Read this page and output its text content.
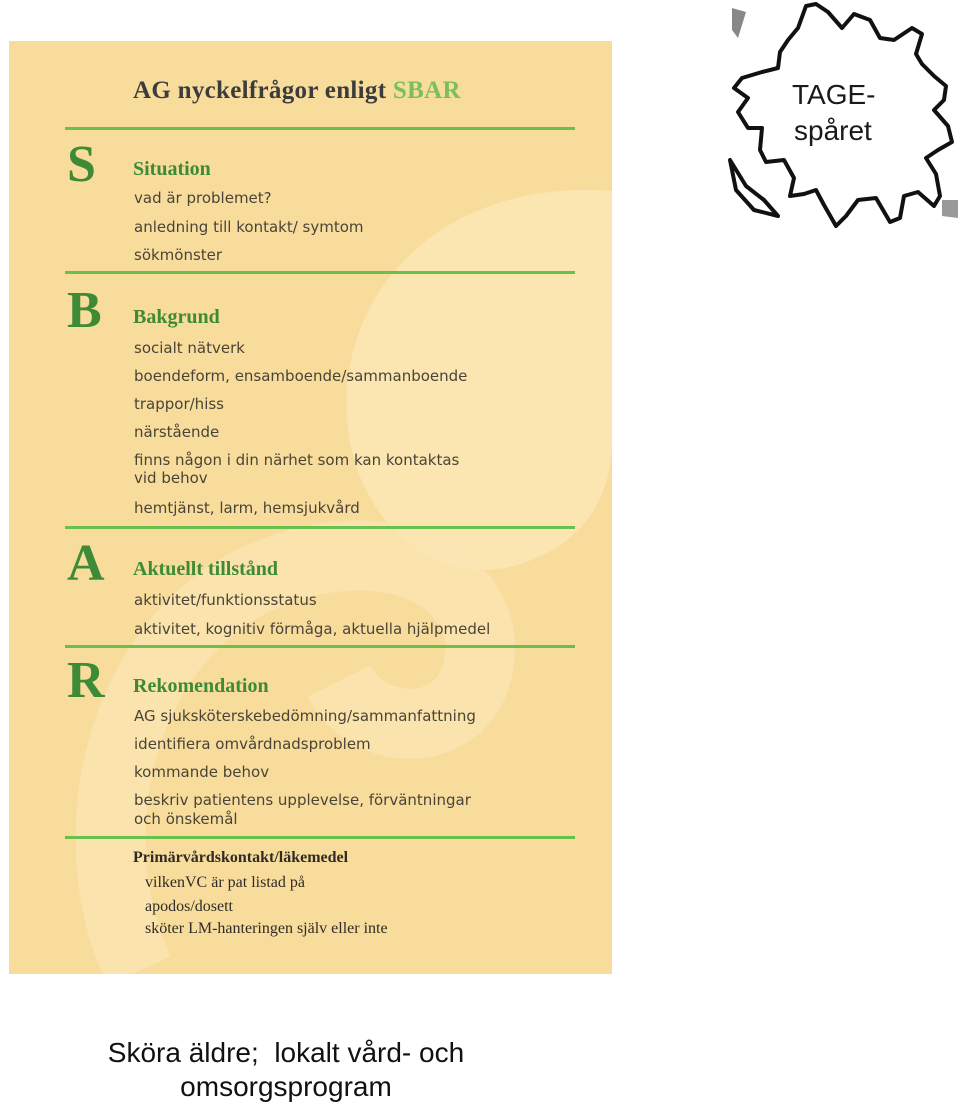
AG nyckelfrågor enligt SBAR
S Situation
vad är problemet?
anledning till kontakt/ symtom
sökmönster
B Bakgrund
socialt nätverk
boendeform, ensamboende/sammanboende
trappor/hiss
närstående
finns någon i din närhet som kan kontaktas
vid behov
hemtjänst, larm, hemsjukvård
A Aktuellt tillstånd
aktivitet/funktionsstatus
aktivitet, kognitiv förmåga, aktuella hjälpmedel
R Rekomendation
AG sjuksköterskebedömning/sammanfattning
identifiera omvårdnadsproblem
kommande behov
beskriv patientens upplevelse, förväntningar
och önskemål
Primärvårdskontakt/läkemedel
vilkenVC är pat listad på
apodos/dosett
sköter LM-hanteringen själv eller inte
TAGE-
spåret
Sköra äldre;  lokalt vård- och
omsorgsprogram
